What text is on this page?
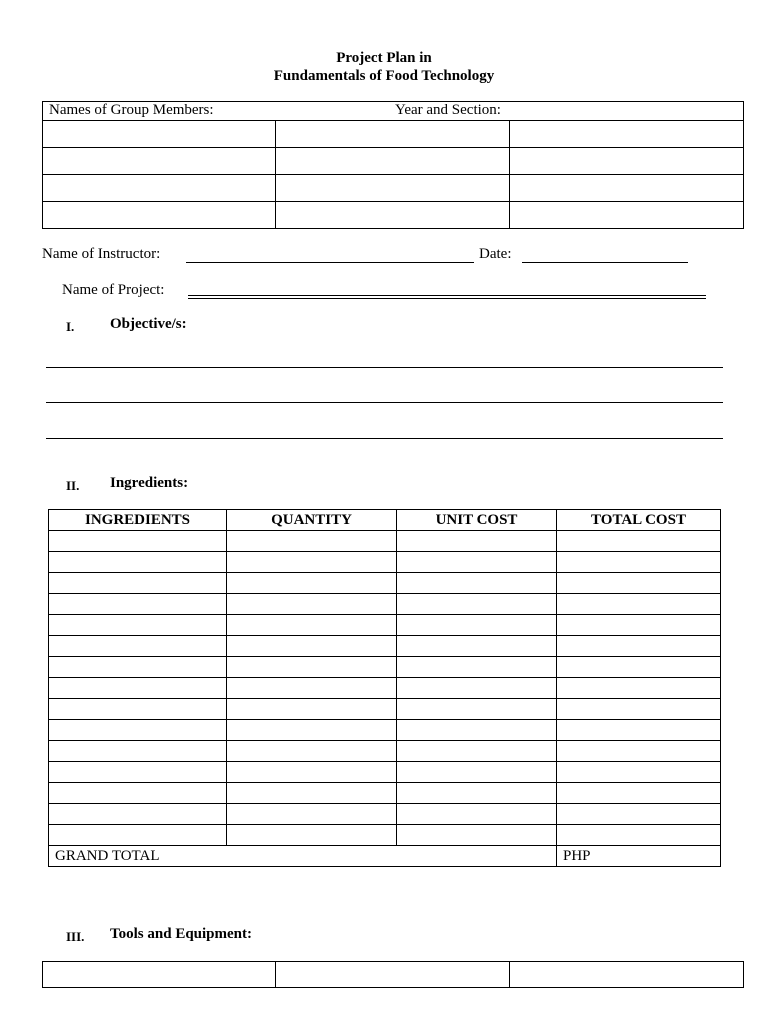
Project Plan in
Fundamentals of Food Technology
Names of Group Members: Year and Section:		

Name of Instructor:	Date:
Name of Project:
I. Objective/s:
II. Ingredients:
INGREDIENTS	QUANTITY	UNIT COST	TOTAL COST

GRAND TOTAL			PHP
III. Tools and Equipment:
